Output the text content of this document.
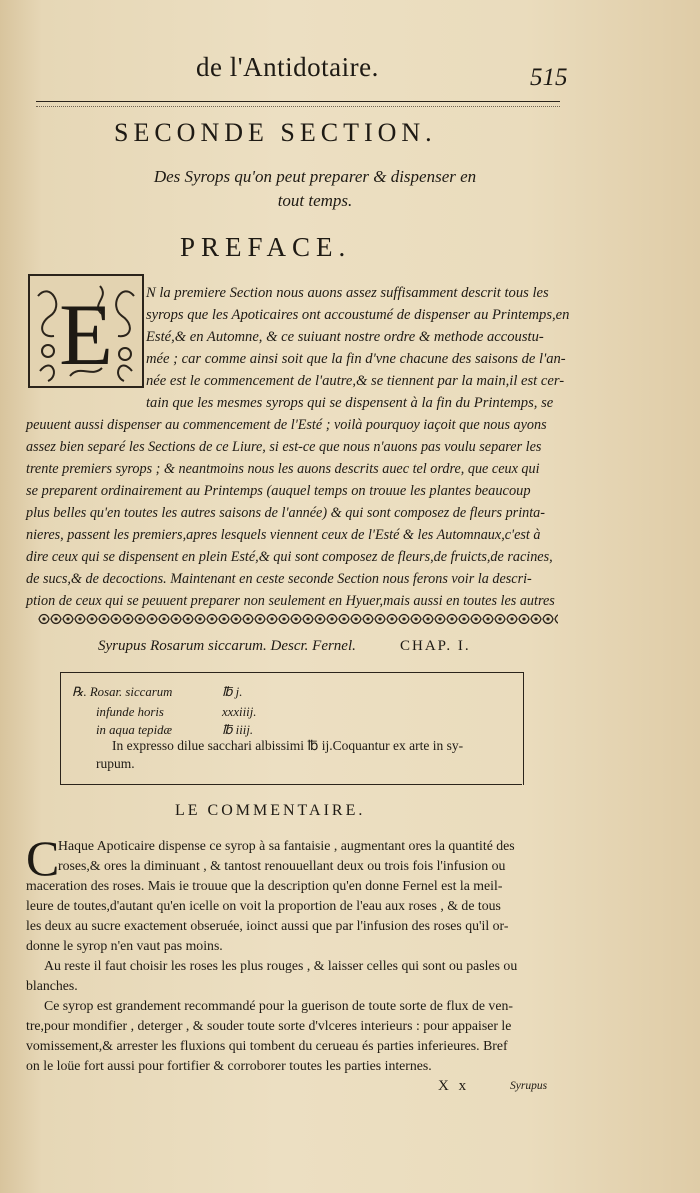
de l'Antidotaire.	515
SECONDE SECTION.
Des Syrops qu'on peut preparer & dispenser en
tout temps.
PREFACE.
E N la premiere Section nous auons assez suffisamment descrit tous les
syrops que les Apoticaires ont accoustumé de dispenser au Printemps,en
Esté,& en Automne, & ce suiuant nostre ordre & methode accoustu-
mée ; car comme ainsi soit que la fin d'vne chacune des saisons de l'an-
née est le commencement de l'autre,& se tiennent par la main,il est cer-
tain que les mesmes syrops qui se dispensent à la fin du Printemps, se
peuuent aussi dispenser au commencement de l'Esté ; voilà pourquoy iaçoit que nous ayons
assez bien separé les Sections de ce Liure, si est-ce que nous n'auons pas voulu separer les
trente premiers syrops ; & neantmoins nous les auons descrits auec tel ordre, que ceux qui
se preparent ordinairement au Printemps (auquel temps on trouue les plantes beaucoup
plus belles qu'en toutes les autres saisons de l'année) & qui sont composez de fleurs printa-
nieres, passent les premiers,apres lesquels viennent ceux de l'Esté & les Automnaux,c'est à
dire ceux qui se dispensent en plein Esté,& qui sont composez de fleurs,de fruicts,de racines,
de sucs,& de decoctions. Maintenant en ceste seconde Section nous ferons voir la descri-
ption de ceux qui se peuuent preparer non seulement en Hyuer,mais aussi en toutes les autres
Syrupus Rosarum siccarum. Descr. Fernel.	CHAP. I.
℞. Rosar. siccarum	℔ j.
infunde horis	xxxiiij.
in aqua tepidæ	℔ iiij.
In expresso dilue sacchari albissimi ℔ ij.Coquantur ex arte in sy-
rupum.
LE COMMENTAIRE.
C
Haque Apoticaire dispense ce syrop à sa fantaisie , augmentant ores la quantité des
roses,& ores la diminuant , & tantost renouuellant deux ou trois fois l'infusion ou
maceration des roses. Mais ie trouue que la description qu'en donne Fernel est la meil-
leure de toutes,d'autant qu'en icelle on voit la proportion de l'eau aux roses , & de tous
les deux au sucre exactement obseruée, ioinct aussi que par l'infusion des roses qu'il or-
donne le syrop n'en vaut pas moins.
Au reste il faut choisir les roses les plus rouges , & laisser celles qui sont ou pasles ou
blanches.
Ce syrop est grandement recommandé pour la guerison de toute sorte de flux de ven-
tre,pour mondifier , deterger , & souder toute sorte d'vlceres interieurs : pour appaiser le
vomissement,& arrester les fluxions qui tombent du cerueau és parties inferieures. Bref
on le loüe fort aussi pour fortifier & corroborer toutes les parties internes.
X x	Syrupus
